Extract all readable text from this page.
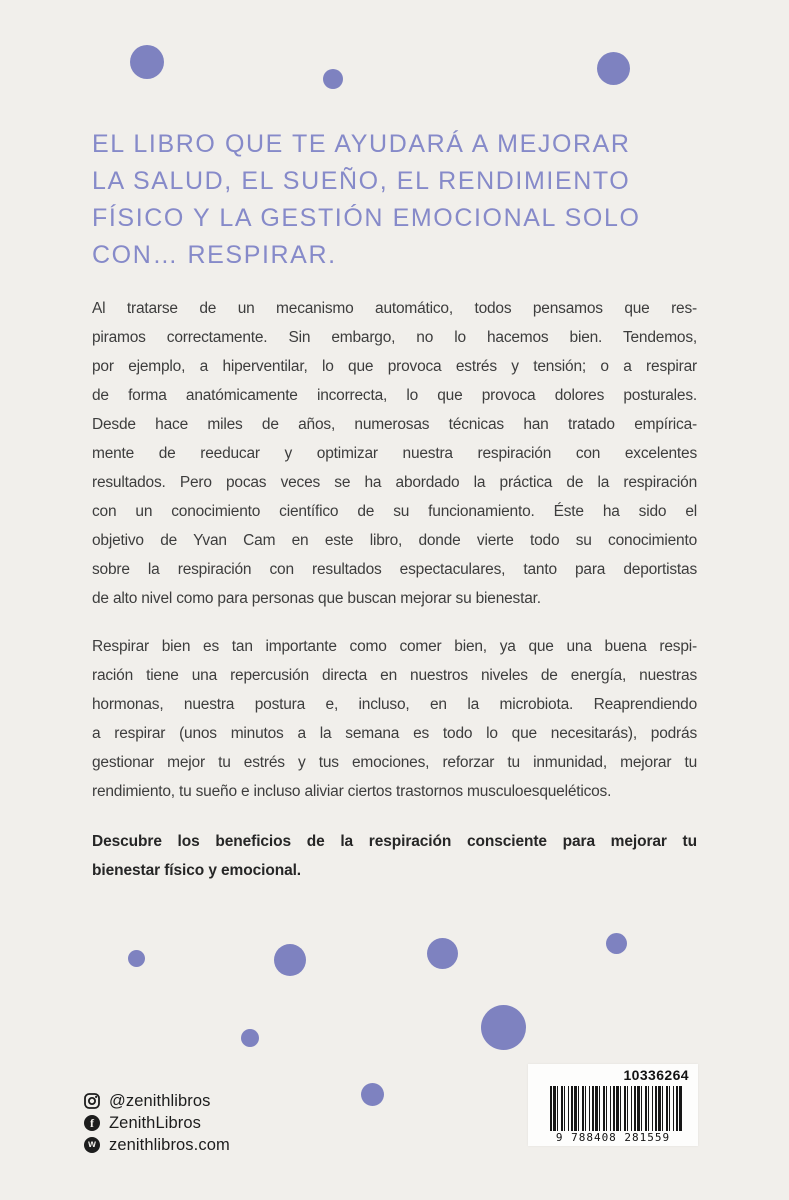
EL LIBRO QUE TE AYUDARÁ A MEJORAR
LA SALUD, EL SUEÑO, EL RENDIMIENTO
FÍSICO Y LA GESTIÓN EMOCIONAL SOLO
CON… RESPIRAR.
Al tratarse de un mecanismo automático, todos pensamos que res-
piramos correctamente. Sin embargo, no lo hacemos bien. Tendemos,
por ejemplo, a hiperventilar, lo que provoca estrés y tensión; o a respirar
de forma anatómicamente incorrecta, lo que provoca dolores posturales.
Desde hace miles de años, numerosas técnicas han tratado empírica-
mente de reeducar y optimizar nuestra respiración con excelentes
resultados. Pero pocas veces se ha abordado la práctica de la respiración
con un conocimiento científico de su funcionamiento. Éste ha sido el
objetivo de Yvan Cam en este libro, donde vierte todo su conocimiento
sobre la respiración con resultados espectaculares, tanto para deportistas
de alto nivel como para personas que buscan mejorar su bienestar.
Respirar bien es tan importante como comer bien, ya que una buena respi-
ración tiene una repercusión directa en nuestros niveles de energía, nuestras
hormonas, nuestra postura e, incluso, en la microbiota. Reaprendiendo
a respirar (unos minutos a la semana es todo lo que necesitarás), podrás
gestionar mejor tu estrés y tus emociones, reforzar tu inmunidad, mejorar tu
rendimiento, tu sueño e incluso aliviar ciertos trastornos musculoesqueléticos.
Descubre los beneficios de la respiración consciente para mejorar tu
bienestar físico y emocional.
@zenithlibros
f ZenithLibros
w zenithlibros.com
10336264
9 788408 281559
